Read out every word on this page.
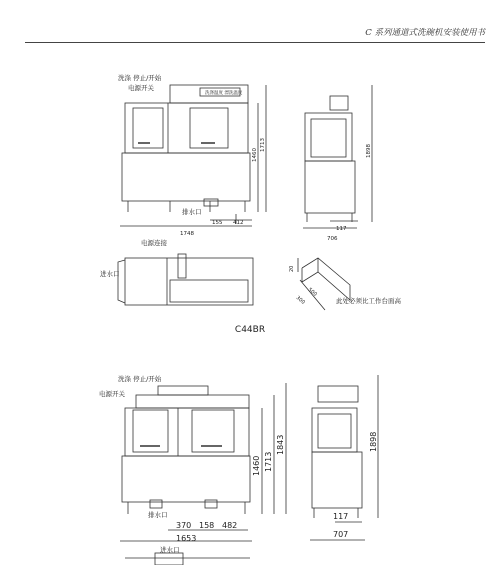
C 系列通道式洗碗机安装使用书
洗涤 停止/开始
电源开关
洗涤温度 漂洗温度
排水口
电源连接
进水口
此处必须比工作台面高
155 412
1748
117
706
20
500
300
1460
1713	1898
洗涤 停止/开始
电源开关
排水口
进水口
370 158 482
1653
117
707
1460 1713
1843	1898
C44BR
